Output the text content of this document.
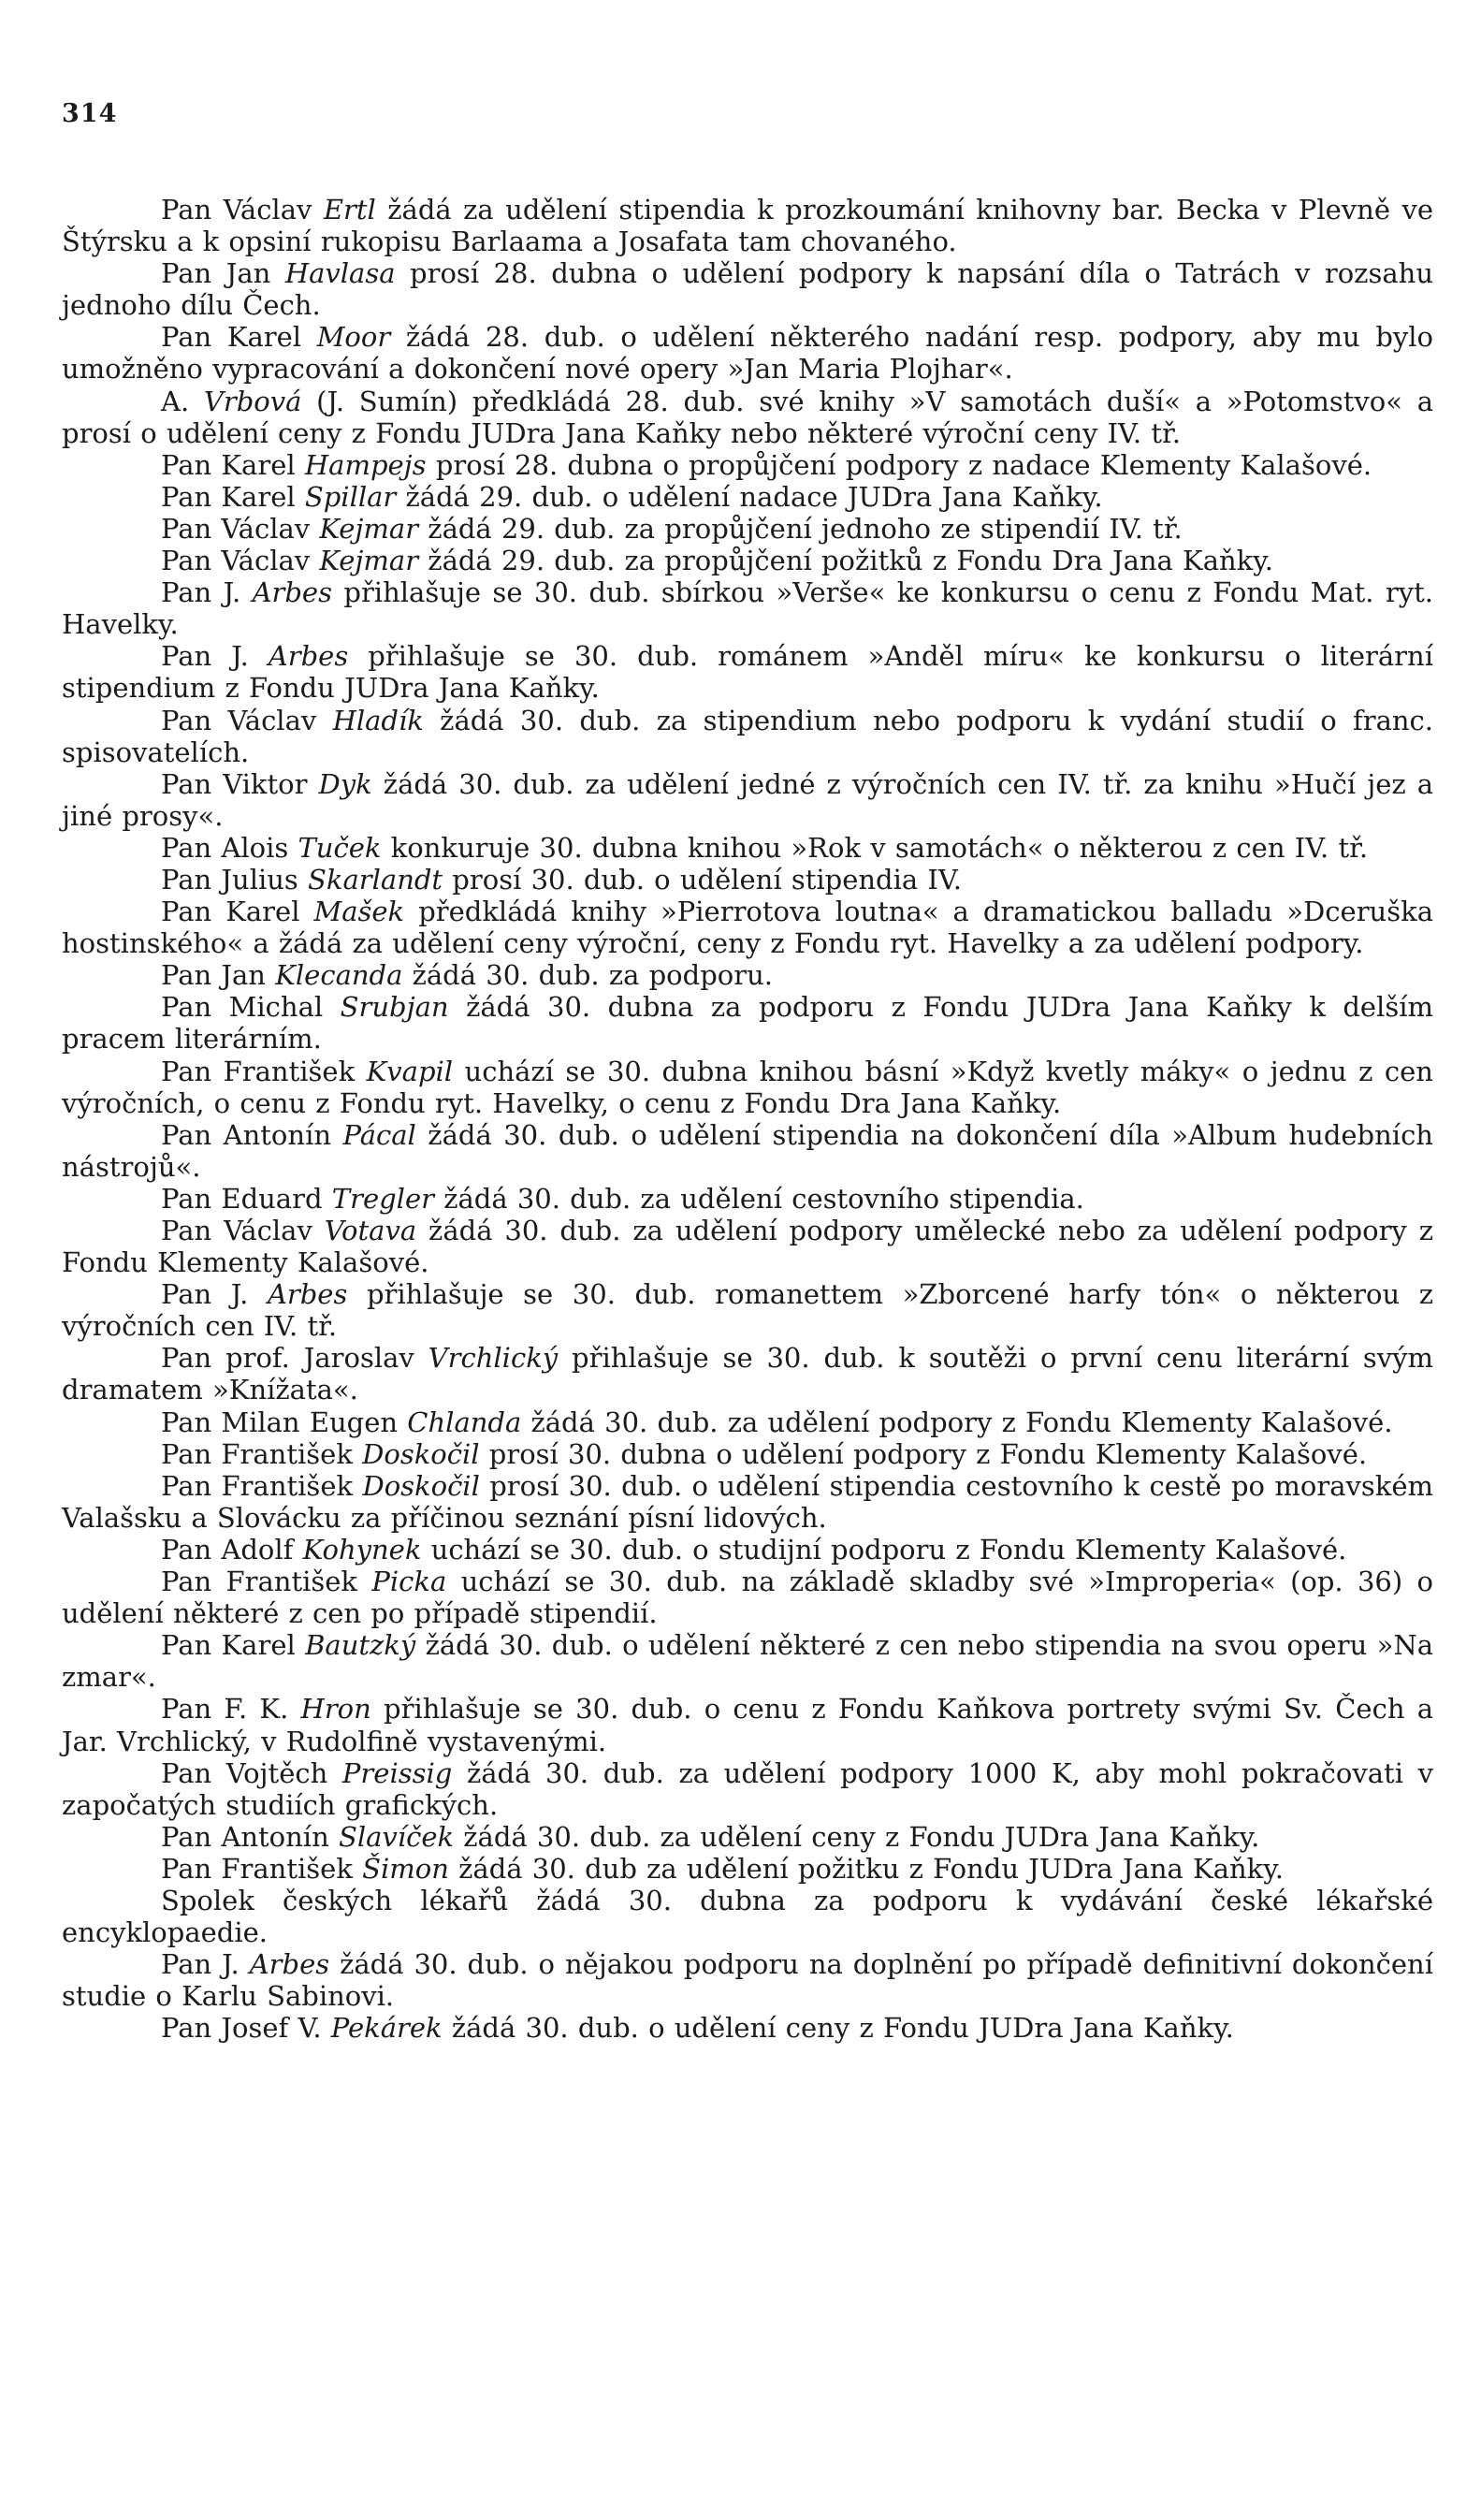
314

Pan Václav Ertl žádá za udělení stipendia k prozkoumání knihovny bar. Becka v Plevně ve Štýrsku a k opsiní rukopisu Barlaama a Josafata tam chovaného.

Pan Jan Havlasa prosí 28. dubna o udělení podpory k napsání díla o Tatrách v rozsahu jednoho dílu Čech.

Pan Karel Moor žádá 28. dub. o udělení některého nadání resp. podpory, aby mu bylo umožněno vypracování a dokončení nové opery »Jan Maria Plojhar«.

A. Vrbová (J. Sumín) předkládá 28. dub. své knihy »V samotách duší« a »Potomstvo« a prosí o udělení ceny z Fondu JUDra Jana Kaňky nebo některé výroční ceny IV. tř.

Pan Karel Hampejs prosí 28. dubna o propůjčení podpory z nadace Klementy Kalašové.

Pan Karel Spillar žádá 29. dub. o udělení nadace JUDra Jana Kaňky.

Pan Václav Kejmar žádá 29. dub. za propůjčení jednoho ze stipendií IV. tř.

Pan Václav Kejmar žádá 29. dub. za propůjčení požitků z Fondu Dra Jana Kaňky.

Pan J. Arbes přihlašuje se 30. dub. sbírkou »Verše« ke konkursu o cenu z Fondu Mat. ryt. Havelky.

Pan J. Arbes přihlašuje se 30. dub. románem »Anděl míru« ke konkursu o literární stipendium z Fondu JUDra Jana Kaňky.

Pan Václav Hladík žádá 30. dub. za stipendium nebo podporu k vydání studií o franc. spisovatelích.

Pan Viktor Dyk žádá 30. dub. za udělení jedné z výročních cen IV. tř. za knihu »Hučí jez a jiné prosy«.

Pan Alois Tuček konkuruje 30. dubna knihou »Rok v samotách« o některou z cen IV. tř.

Pan Julius Skarlandt prosí 30. dub. o udělení stipendia IV.

Pan Karel Mašek předkládá knihy »Pierrotova loutna« a dramatickou balladu »Dceruška hostinského« a žádá za udělení ceny výroční, ceny z Fondu ryt. Havelky a za udělení podpory.

Pan Jan Klecanda žádá 30. dub. za podporu.

Pan Michal Srubjan žádá 30. dubna za podporu z Fondu JUDra Jana Kaňky k delším pracem literárním.

Pan František Kvapil uchází se 30. dubna knihou básní »Když kvetly máky« o jednu z cen výročních, o cenu z Fondu ryt. Havelky, o cenu z Fondu Dra Jana Kaňky.

Pan Antonín Pácal žádá 30. dub. o udělení stipendia na dokončení díla »Album hudebních nástrojů«.

Pan Eduard Tregler žádá 30. dub. za udělení cestovního stipendia.

Pan Václav Votava žádá 30. dub. za udělení podpory umělecké nebo za udělení podpory z Fondu Klementy Kalašové.

Pan J. Arbes přihlašuje se 30. dub. romanettem »Zborcené harfy tón« o některou z výročních cen IV. tř.

Pan prof. Jaroslav Vrchlický přihlašuje se 30. dub. k soutěži o první cenu literární svým dramatem »Knížata«.

Pan Milan Eugen Chlanda žádá 30. dub. za udělení podpory z Fondu Klementy Kalašové.

Pan František Doskočil prosí 30. dubna o udělení podpory z Fondu Klementy Kalašové.

Pan František Doskočil prosí 30. dub. o udělení stipendia cestovního k cestě po moravském Valašsku a Slovácku za příčinou seznání písní lidových.

Pan Adolf Kohynek uchází se 30. dub. o studijní podporu z Fondu Klementy Kalašové.

Pan František Picka uchází se 30. dub. na základě skladby své »Improperia« (op. 36) o udělení některé z cen po případě stipendií.

Pan Karel Bautzký žádá 30. dub. o udělení některé z cen nebo stipendia na svou operu »Na zmar«.

Pan F. K. Hron přihlašuje se 30. dub. o cenu z Fondu Kaňkova portrety svými Sv. Čech a Jar. Vrchlický, v Rudolfině vystavenými.

Pan Vojtěch Preissig žádá 30. dub. za udělení podpory 1000 K, aby mohl pokračovati v započatých studiích grafických.

Pan Antonín Slavíček žádá 30. dub. za udělení ceny z Fondu JUDra Jana Kaňky.

Pan František Šimon žádá 30. dub za udělení požitku z Fondu JUDra Jana Kaňky.

Spolek českých lékařů žádá 30. dubna za podporu k vydávání české lékařské encyklopaedie.

Pan J. Arbes žádá 30. dub. o nějakou podporu na doplnění po případě definitivní dokončení studie o Karlu Sabinovi.

Pan Josef V. Pekárek žádá 30. dub. o udělení ceny z Fondu JUDra Jana Kaňky.
